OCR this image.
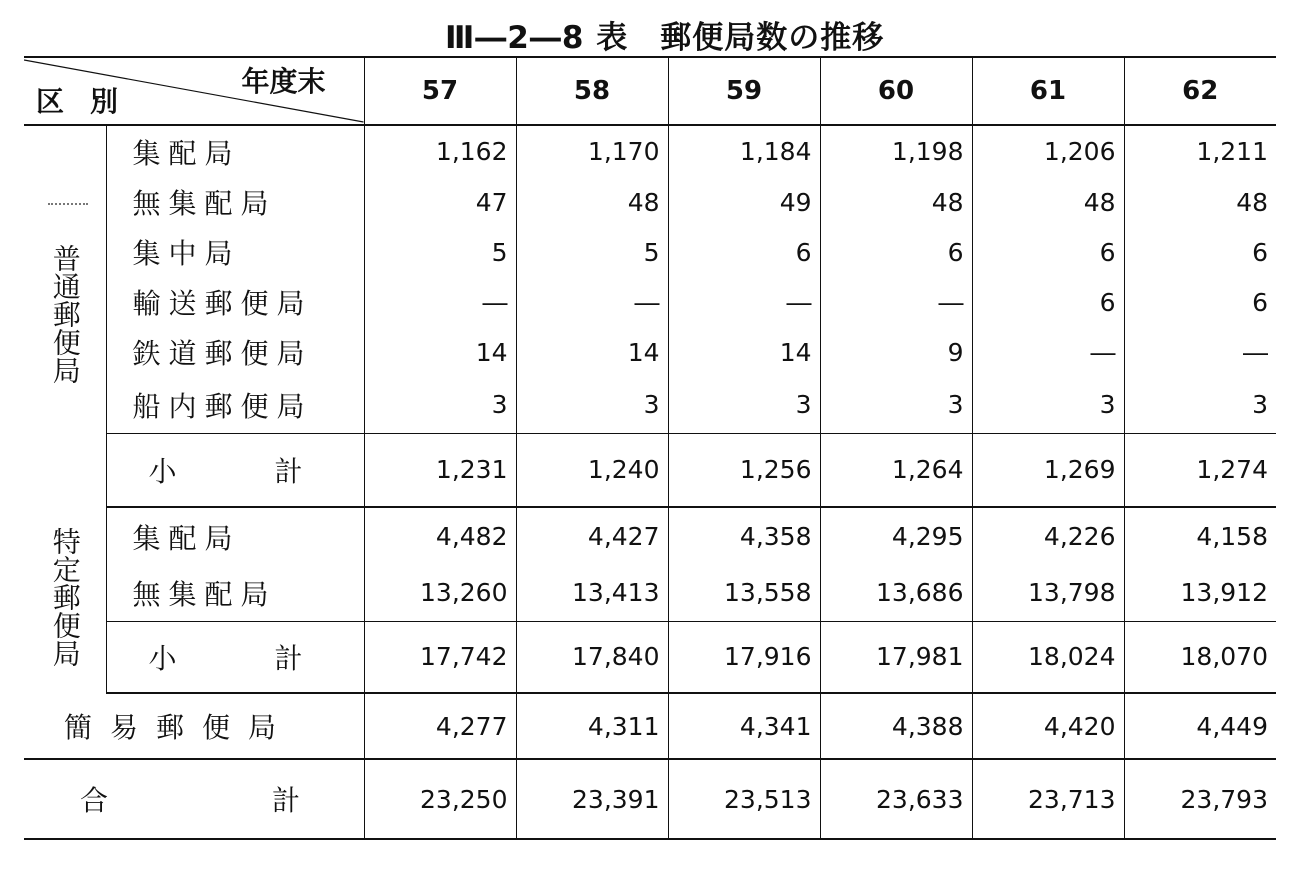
Ⅲ―2―8 表　郵便局数の推移
年度末
区別		57	58	59	60	61	62
普通郵便局	集配局	1,162	1,170	1,184	1,198	1,206	1,211
	無集配局	47	48	49	48	48	48
	集中局	5	5	6	6	6	6
	輸送郵便局	―	―	―	―	6	6
	鉄道郵便局	14	14	14	9	―	―
	船内郵便局	3	3	3	3	3	3
	小 計	1,231	1,240	1,256	1,264	1,269	1,274
特定郵便局	集配局	4,482	4,427	4,358	4,295	4,226	4,158
	無集配局	13,260	13,413	13,558	13,686	13,798	13,912
	小 計	17,742	17,840	17,916	17,981	18,024	18,070
簡易郵便局		4,277	4,311	4,341	4,388	4,420	4,449

合 計		23,250	23,391	23,513	23,633	23,713	23,793
